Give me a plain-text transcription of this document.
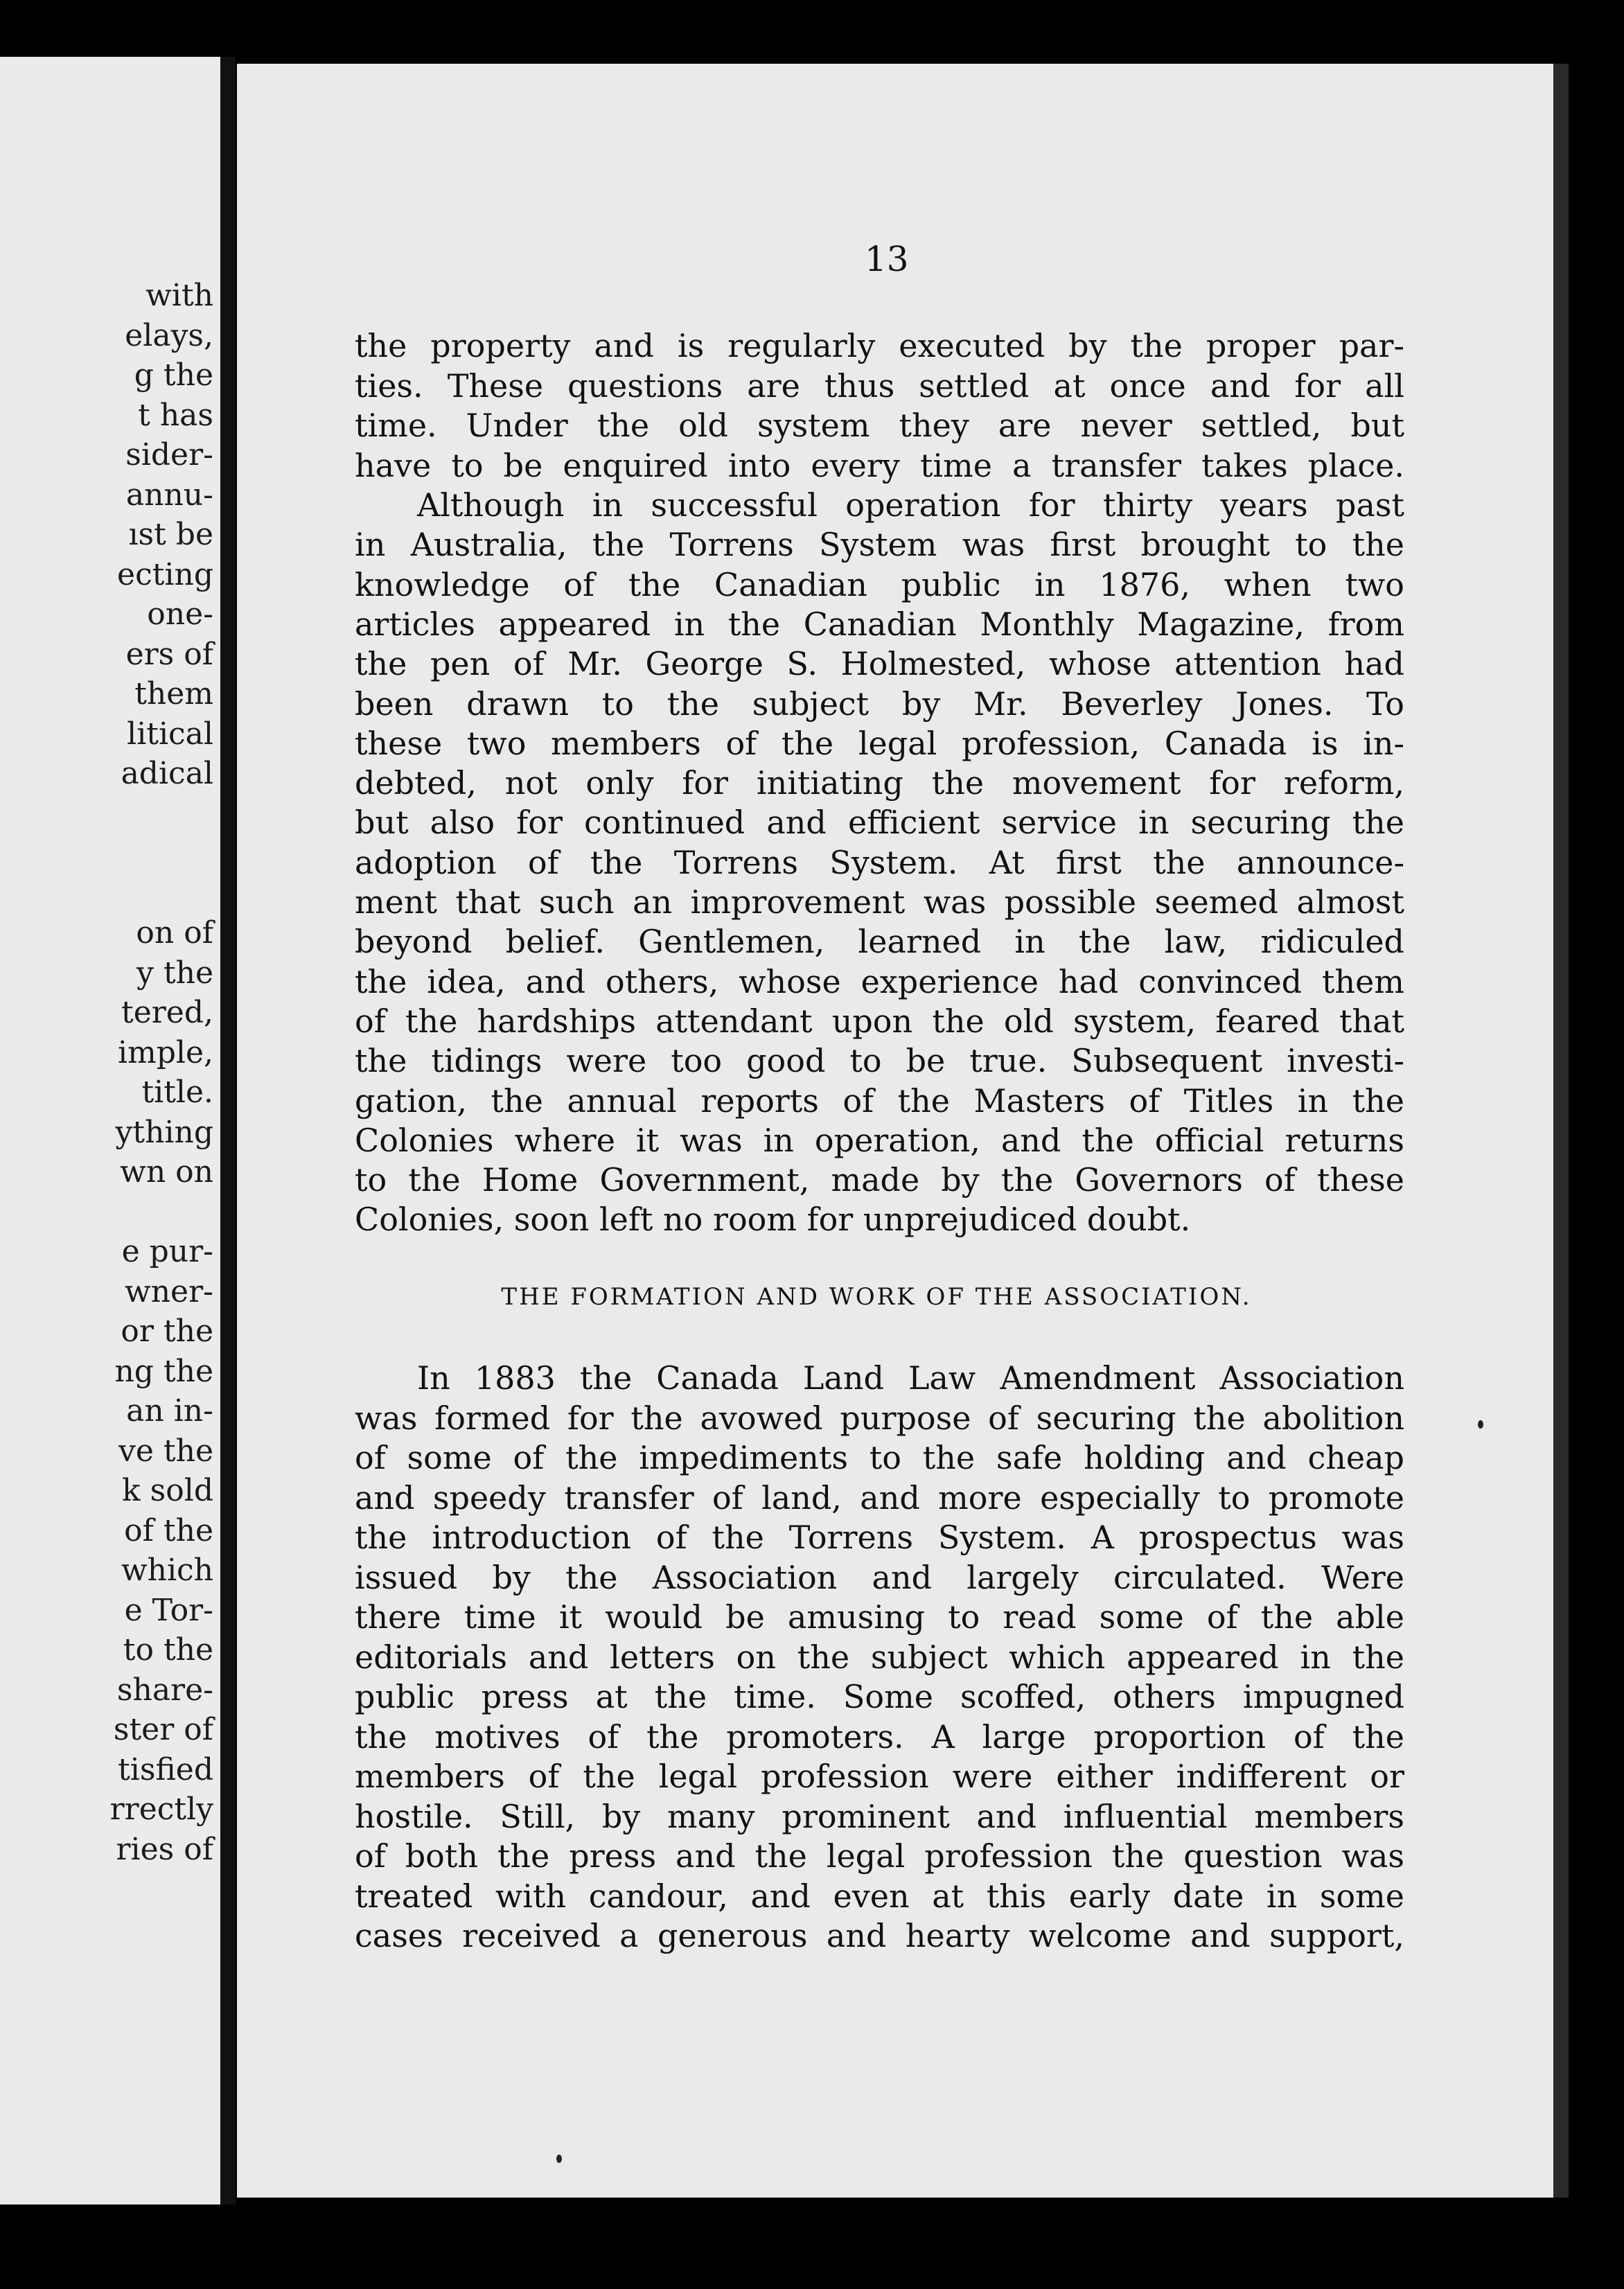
with
elays,
g the
t has
sider-
annu-
ıst be
ecting
one-
ers of
them
litical
adical
on of
y the
tered,
imple,
title.
ything
wn on
e pur-
wner-
or the
ng the
an in-
ve the
k sold
of the
which
e Tor-
to the
share-
ster of
tisfied
rrectly
ries of
13
the property and is regularly executed by the proper par-
ties. These questions are thus settled at once and for all
time. Under the old system they are never settled, but
have to be enquired into every time a transfer takes place.
Although in successful operation for thirty years past
in Australia, the Torrens System was first brought to the
knowledge of the Canadian public in 1876, when two
articles appeared in the Canadian Monthly Magazine, from
the pen of Mr. George S. Holmested, whose attention had
been drawn to the subject by Mr. Beverley Jones. To
these two members of the legal profession, Canada is in-
debted, not only for initiating the movement for reform,
but also for continued and efficient service in securing the
adoption of the Torrens System. At first the announce-
ment that such an improvement was possible seemed almost
beyond belief. Gentlemen, learned in the law, ridiculed
the idea, and others, whose experience had convinced them
of the hardships attendant upon the old system, feared that
the tidings were too good to be true. Subsequent investi-
gation, the annual reports of the Masters of Titles in the
Colonies where it was in operation, and the official returns
to the Home Government, made by the Governors of these
Colonies, soon left no room for unprejudiced doubt.
In 1883 the Canada Land Law Amendment Association
was formed for the avowed purpose of securing the abolition
of some of the impediments to the safe holding and cheap
and speedy transfer of land, and more especially to promote
the introduction of the Torrens System. A prospectus was
issued by the Association and largely circulated. Were
there time it would be amusing to read some of the able
editorials and letters on the subject which appeared in the
public press at the time. Some scoffed, others impugned
the motives of the promoters. A large proportion of the
members of the legal profession were either indifferent or
hostile. Still, by many prominent and influential members
of both the press and the legal profession the question was
treated with candour, and even at this early date in some
cases received a generous and hearty welcome and support,
THE FORMATION AND WORK OF THE ASSOCIATION.
